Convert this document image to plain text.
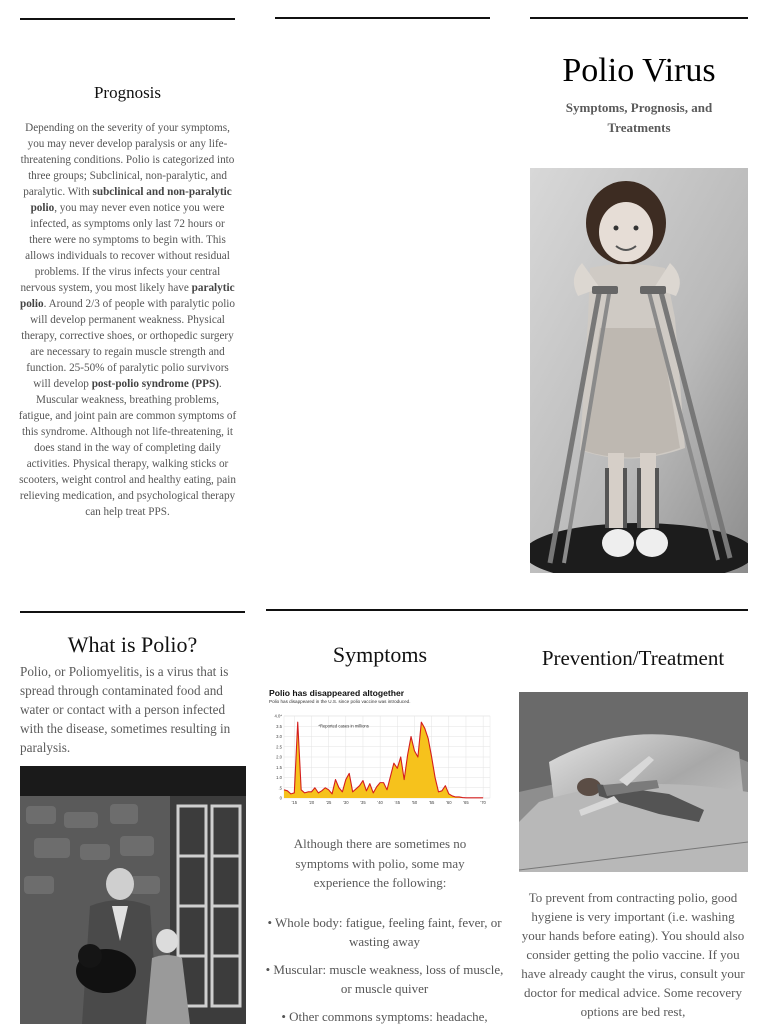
Prognosis
Depending on the severity of your symptoms, you may never develop paralysis or any life-threatening conditions. Polio is categorized into three groups; Subclinical, non-paralytic, and paralytic. With subclinical and non-paralytic polio, you may never even notice you were infected, as symptoms only last 72 hours or there were no symptoms to begin with. This allows individuals to recover without residual problems. If the virus infects your central nervous system, you most likely have paralytic polio. Around 2/3 of people with paralytic polio will develop permanent weakness. Physical therapy, corrective shoes, or orthopedic surgery are necessary to regain muscle strength and function. 25-50% of paralytic polio survivors will develop post-polio syndrome (PPS). Muscular weakness, breathing problems, fatigue, and joint pain are common symptoms of this syndrome. Although not life-threatening, it does stand in the way of completing daily activities. Physical therapy, walking sticks or scooters, weight control and healthy eating, pain relieving medication, and psychological therapy can help treat PPS.
Polio Virus
Symptoms, Prognosis, and Treatments
What is Polio?
Polio, or Poliomyelitis, is a virus that is spread through contaminated food and water or contact with a person infected with the disease, sometimes resulting in paralysis.
Symptoms
Polio has disappeared altogether
Polio has disappeared in the U.S. since polio vaccine was introduced.
4.0*
3.5
3.0
2.5
2.0
1.5
1.0
.5
0
'15	'20	'25	'30	'35	'40	'45	'50	'55	'60	'65	'70
*Reported cases in millions
Although there are sometimes no symptoms with polio, some may experience the following:
• Whole body: fatigue, feeling faint, fever, or wasting away
• Muscular: muscle weakness, loss of muscle, or muscle quiver
• Other commons symptoms: headache,
Prevention/Treatment
To prevent from contracting polio, good hygiene is very important (i.e. washing your hands before eating). You should also consider getting the polio vaccine. If you have already caught the virus, consult your doctor for medical advice. Some recovery options are bed rest,
